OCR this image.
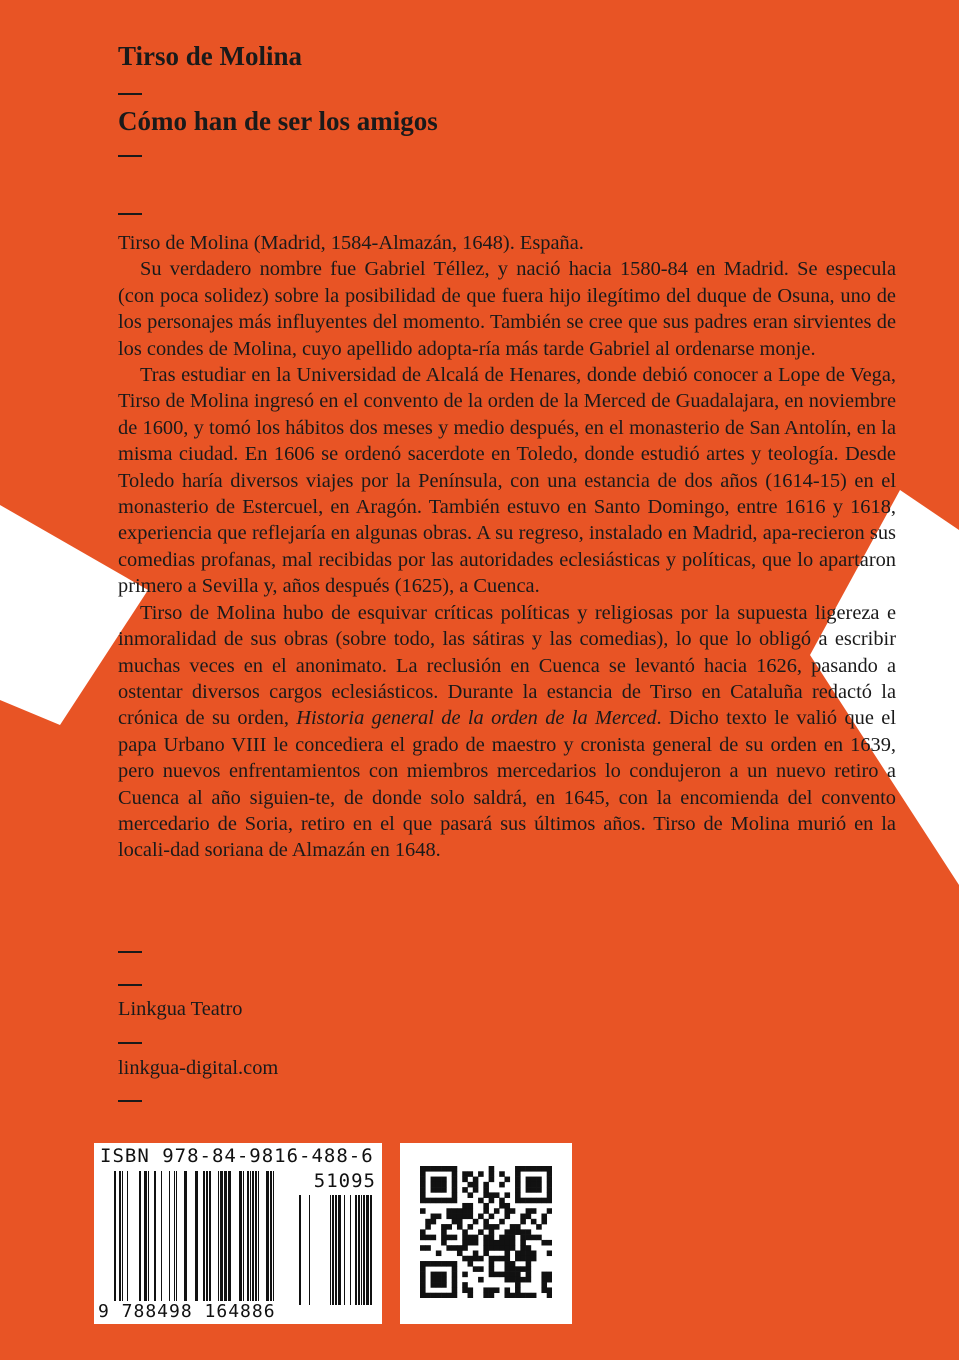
Tirso de Molina
Cómo han de ser los amigos

Tirso de Molina (Madrid, 1584-Almazán, 1648). España.

Su verdadero nombre fue Gabriel Téllez, y nació hacia 1580-84 en Madrid. Se especula (con poca solidez) sobre la posibilidad de que fuera hijo ilegítimo del duque de Osuna, uno de los personajes más influyentes del momento. También se cree que sus padres eran sirvientes de los condes de Molina, cuyo apellido adopta-ría más tarde Gabriel al ordenarse monje.

Tras estudiar en la Universidad de Alcalá de Henares, donde debió conocer a Lope de Vega, Tirso de Molina ingresó en el convento de la orden de la Merced de Guadalajara, en noviembre de 1600, y tomó los hábitos dos meses y medio después, en el monasterio de San Antolín, en la misma ciudad. En 1606 se ordenó sacerdote en Toledo, donde estudió artes y teología. Desde Toledo haría diversos viajes por la Península, con una estancia de dos años (1614-15) en el monasterio de Estercuel, en Aragón. También estuvo en Santo Domingo, entre 1616 y 1618, experiencia que reflejaría en algunas obras. A su regreso, instalado en Madrid, apa-recieron sus comedias profanas, mal recibidas por las autoridades eclesiásticas y políticas, que lo apartaron primero a Sevilla y, años después (1625), a Cuenca.

Tirso de Molina hubo de esquivar críticas políticas y religiosas por la supuesta ligereza e inmoralidad de sus obras (sobre todo, las sátiras y las comedias), lo que lo obligó a escribir muchas veces en el anonimato. La reclusión en Cuenca se levantó hacia 1626, pasando a ostentar diversos cargos eclesiásticos. Durante la estancia de Tirso en Cataluña redactó la crónica de su orden, Historia general de la orden de la Merced. Dicho texto le valió que el papa Urbano VIII le concediera el grado de maestro y cronista general de su orden en 1639, pero nuevos enfrentamientos con miembros mercedarios lo condujeron a un nuevo retiro a Cuenca al año siguien-te, de donde solo saldrá, en 1645, con la encomienda del convento mercedario de Soria, retiro en el que pasará sus últimos años. Tirso de Molina murió en la locali-dad soriana de Almazán en 1648.

Linkgua Teatro
linkgua-digital.com
ISBN 978-84-9816-488-6
51095
9 788498 164886
